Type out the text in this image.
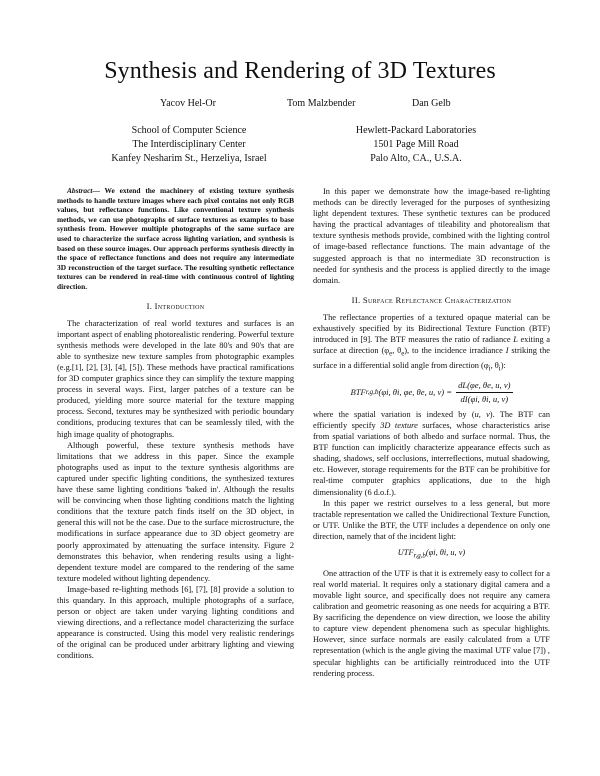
Synthesis and Rendering of 3D Textures
Yacov Hel-Or	Tom Malzbender	Dan Gelb
School of Computer Science
The Interdisciplinary Center
Kanfey Nesharim St., Herzeliya, Israel
Hewlett-Packard Laboratories
1501 Page Mill Road
Palo Alto, CA., U.S.A.

Abstract— We extend the machinery of existing texture synthesis methods to handle texture images where each pixel contains not only RGB values, but reflectance functions. Like conventional texture synthesis methods, we can use photographs of surface textures as examples to base synthesis from. However multiple photographs of the same surface are used to characterize the surface across lighting variation, and synthesis is based on these source images. Our approach performs synthesis directly in the space of reflectance functions and does not require any intermediate 3D reconstruction of the target surface. The resulting synthetic reflectance textures can be rendered in real-time with continuous control of lighting direction.

I. Introduction

The characterization of real world textures and surfaces is an important aspect of enabling photorealistic rendering. Powerful texture synthesis methods were developed in the late 80's and 90's that are able to synthesize new texture samples from photographic examples (e.g.[1], [2], [3], [4], [5]). These methods have practical ramifications for 3D computer graphics since they can simplify the texture mapping process in several ways. First, larger patches of a texture can be produced, yielding more source material for the texture mapping process. Second, textures may be synthesized with periodic boundary conditions, producing textures that can be seamlessly tiled, with the high image quality of photographs.

Although powerful, these texture synthesis methods have limitations that we address in this paper. Since the example photographs used as input to the texture synthesis algorithms are captured under specific lighting conditions, the synthesized textures have these same lighting conditions 'baked in'. Although the results will be convincing when those lighting conditions match the lighting conditions that the texture patch finds itself on the 3D object, in general this will not be the case. Due to the surface microstructure, the modifications in surface appearance due to 3D object geometry are poorly approximated by attenuating the surface intensity. Figure 2 demonstrates this behavior, when rendering results using a light-dependent texture model are compared to the rendering of the same texture modeled without lighting dependency.

Image-based re-lighting methods [6], [7], [8] provide a solution to this quandary. In this approach, multiple photographs of a surface, person or object are taken under varying lighting conditions and viewing directions, and a reflectance model characterizing the surface appearance is constructed. Using this model very realistic renderings of the original can be produced under arbitrary lighting and viewing conditions.

In this paper we demonstrate how the image-based re-lighting methods can be directly leveraged for the purposes of synthesizing light dependent textures. These synthetic textures can be produced having the practical advantages of tileability and photorealism that texture synthesis methods provide, combined with the lighting control of image-based reflectance functions. The main advantage of the suggested approach is that no intermediate 3D reconstruction is needed for synthesis and the process is applied directly to the image domain.

II. Surface Reflectance Characterization

The reflectance properties of a textured opaque material can be exhaustively specified by its Bidirectional Texture Function (BTF) introduced in [9]. The BTF measures the ratio of radiance L exiting a surface at direction ($\varphi_e$, $\theta_e$), to the incidence irradiance I striking the surface in a differential solid angle from direction ($\varphi_i$, $\theta_i$):

BTF r,g,b (φi, θi, φe, θe, u, $v) = \frac{dL(\varphi e, \theta e, u, v)}{dI(\varphi i, \theta i, u, v)}$

where the spatial variation is indexed by (u, v). The BTF can efficiently specify 3D texture surfaces, whose characteristics arise from spatial variations of both albedo and surface normal. Thus, the BTF function can implicitly characterize appearance effects such as shading, shadows, self occlusions, interreflections, mutual shadowing, etc. However, storage requirements for the BTF can be prohibitive for real-time computer graphics applications, due to the high dimensionality (6 d.o.f.).

In this paper we restrict ourselves to a less general, but more tractable representation we called the Unidirectional Texture Function, or UTF. Unlike the BTF, the UTF includes a dependence on only one direction, namely that of the incident light:

$UTF_{r,g,b}(\varphi i$, θi, u, v)

One attraction of the UTF is that it is extremely easy to collect for a real world material. It requires only a stationary digital camera and a movable light source, and specifically does not require any camera calibration and geometric reasoning as one needs for acquiring a BTF. By sacrificing the dependence on view direction, we loose the ability to capture view dependent phenomena such as specular highlights. However, since surface normals are easily calculated from a UTF representation (which is the angle giving the maximal UTF value [7]) , specular highlights can be artificially reintroduced into the UTF rendering process.
